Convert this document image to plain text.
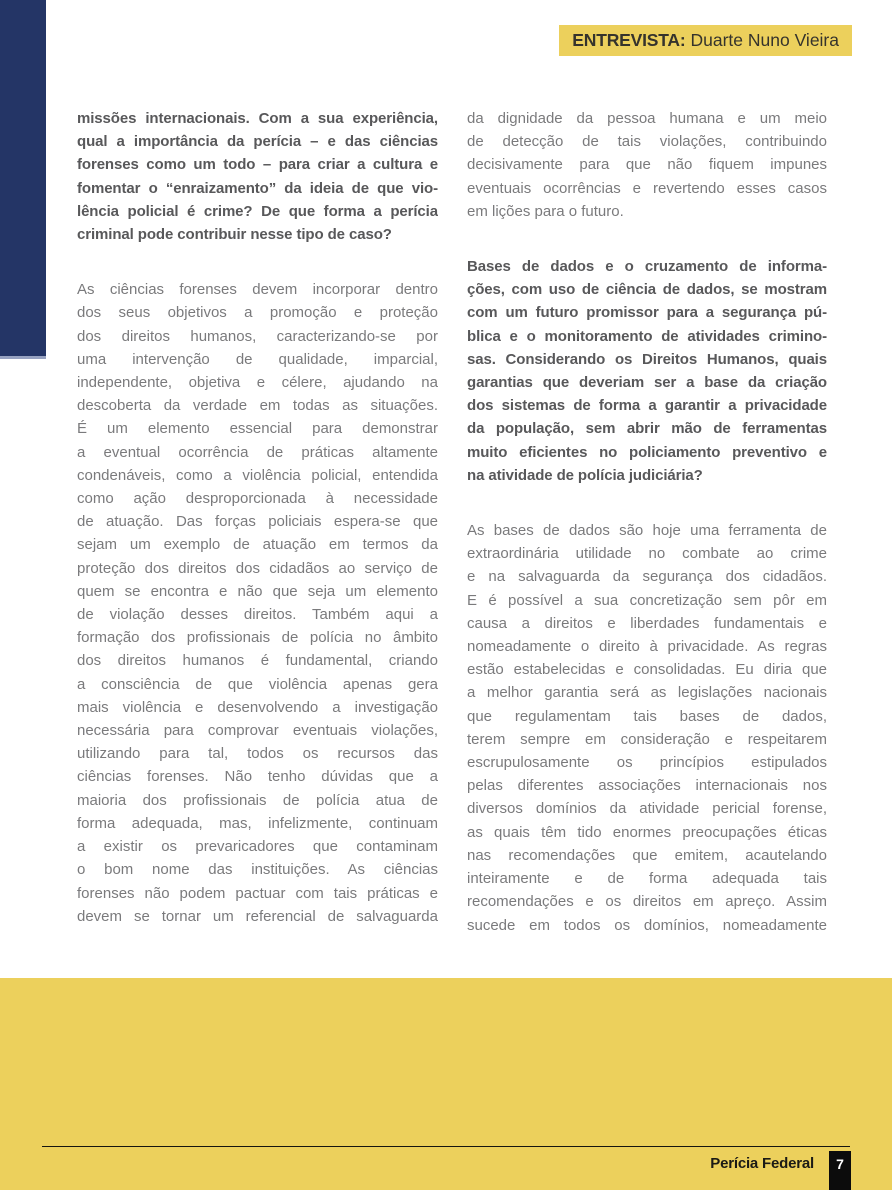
ENTREVISTA: Duarte Nuno Vieira
missões internacionais. Com a sua experiência,
qual a importância da perícia – e das ciências
forenses como um todo – para criar a cultura e
fomentar o “enraizamento” da ideia de que vio-
lência policial é crime? De que forma a perícia
criminal pode contribuir nesse tipo de caso?
As ciências forenses devem incorporar dentro
dos seus objetivos a promoção e proteção
dos direitos humanos, caracterizando-se por
uma intervenção de qualidade, imparcial,
independente, objetiva e célere, ajudando na
descoberta da verdade em todas as situações.
É um elemento essencial para demonstrar
a eventual ocorrência de práticas altamente
condenáveis, como a violência policial, entendida
como ação desproporcionada à necessidade
de atuação. Das forças policiais espera-se que
sejam um exemplo de atuação em termos da
proteção dos direitos dos cidadãos ao serviço de
quem se encontra e não que seja um elemento
de violação desses direitos. Também aqui a
formação dos profissionais de polícia no âmbito
dos direitos humanos é fundamental, criando
a consciência de que violência apenas gera
mais violência e desenvolvendo a investigação
necessária para comprovar eventuais violações,
utilizando para tal, todos os recursos das
ciências forenses. Não tenho dúvidas que a
maioria dos profissionais de polícia atua de
forma adequada, mas, infelizmente, continuam
a existir os prevaricadores que contaminam
o bom nome das instituições. As ciências
forenses não podem pactuar com tais práticas e
devem se tornar um referencial de salvaguarda
da dignidade da pessoa humana e um meio
de detecção de tais violações, contribuindo
decisivamente para que não fiquem impunes
eventuais ocorrências e revertendo esses casos
em lições para o futuro.
Bases de dados e o cruzamento de informa-
ções, com uso de ciência de dados, se mostram
com um futuro promissor para a segurança pú-
blica e o monitoramento de atividades crimino-
sas. Considerando os Direitos Humanos, quais
garantias que deveriam ser a base da criação
dos sistemas de forma a garantir a privacidade
da população, sem abrir mão de ferramentas
muito eficientes no policiamento preventivo e
na atividade de polícia judiciária?
As bases de dados são hoje uma ferramenta de
extraordinária utilidade no combate ao crime
e na salvaguarda da segurança dos cidadãos.
E é possível a sua concretização sem pôr em
causa a direitos e liberdades fundamentais e
nomeadamente o direito à privacidade. As regras
estão estabelecidas e consolidadas. Eu diria que
a melhor garantia será as legislações nacionais
que regulamentam tais bases de dados,
terem sempre em consideração e respeitarem
escrupulosamente os princípios estipulados
pelas diferentes associações internacionais nos
diversos domínios da atividade pericial forense,
as quais têm tido enormes preocupações éticas
nas recomendações que emitem, acautelando
inteiramente e de forma adequada tais
recomendações e os direitos em apreço. Assim
sucede em todos os domínios, nomeadamente
Perícia Federal	7
